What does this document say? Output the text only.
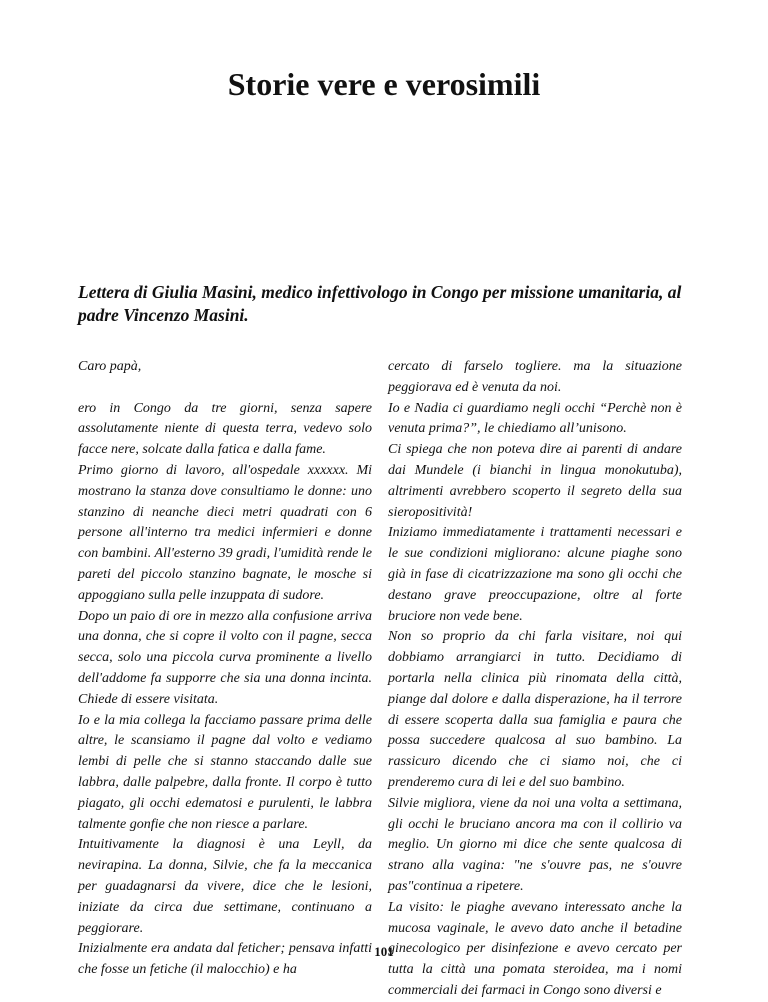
Storie vere e verosimili

Lettera di Giulia Masini, medico infettivologo in Congo per missione umanitaria, al padre Vincenzo Masini.

Caro papà,

ero in Congo da tre giorni, senza sapere assolutamente niente di questa terra, vedevo solo facce nere, solcate dalla fatica e dalla fame.

Primo giorno di lavoro, all'ospedale xxxxxx. Mi mostrano la stanza dove consultiamo le donne: uno stanzino di neanche dieci metri quadrati con 6 persone all'interno tra medici infermieri e donne con bambini. All'esterno 39 gradi, l'umidità rende le pareti del piccolo stanzino bagnate, le mosche si appoggiano sulla pelle inzuppata di sudore.

Dopo un paio di ore in mezzo alla confusione arriva una donna, che si copre il volto con il pagne, secca secca, solo una piccola curva prominente a livello dell'addome fa supporre che sia una donna incinta. Chiede di essere visitata.

Io e la mia collega la facciamo passare prima delle altre, le scansiamo il pagne dal volto e vediamo lembi di pelle che si stanno staccando dalle sue labbra, dalle palpebre, dalla fronte. Il corpo è tutto piagato, gli occhi edematosi e purulenti, le labbra talmente gonfie che non riesce a parlare.

Intuitivamente la diagnosi è una Leyll, da nevirapina. La donna, Silvie, che fa la meccanica per guadagnarsi da vivere, dice che le lesioni, iniziate da circa due settimane, continuano a peggiorare.

Inizialmente era andata dal feticher; pensava infatti che fosse un fetiche (il malocchio) e ha

cercato di farselo togliere. ma la situazione peggiorava ed è venuta da noi.

Io e Nadia ci guardiamo negli occhi “Perchè non è venuta prima?”, le chiediamo all’unisono.

Ci spiega che non poteva dire ai parenti di andare dai Mundele (i bianchi in lingua monokutuba), altrimenti avrebbero scoperto il segreto della sua sieropositività!

Iniziamo immediatamente i trattamenti necessari e le sue condizioni migliorano: alcune piaghe sono già in fase di cicatrizzazione ma sono gli occhi che destano grave preoccupazione, oltre al forte bruciore non vede bene.

Non so proprio da chi farla visitare, noi qui dobbiamo arrangiarci in tutto. Decidiamo di portarla nella clinica più rinomata della città, piange dal dolore e dalla disperazione, ha il terrore di essere scoperta dalla sua famiglia e paura che possa succedere qualcosa al suo bambino. La rassicuro dicendo che ci siamo noi, che ci prenderemo cura di lei e del suo bambino.

Silvie migliora, viene da noi una volta a settimana, gli occhi le bruciano ancora ma con il collirio va meglio. Un giorno mi dice che sente qualcosa di strano alla vagina: "ne s'ouvre pas, ne s'ouvre pas"continua a ripetere.

La visito: le piaghe avevano interessato anche la mucosa vaginale, le avevo dato anche il betadine ginecologico per disinfezione e avevo cercato per tutta la città una pomata steroidea, ma i nomi commerciali dei farmaci in Congo sono diversi e

101
